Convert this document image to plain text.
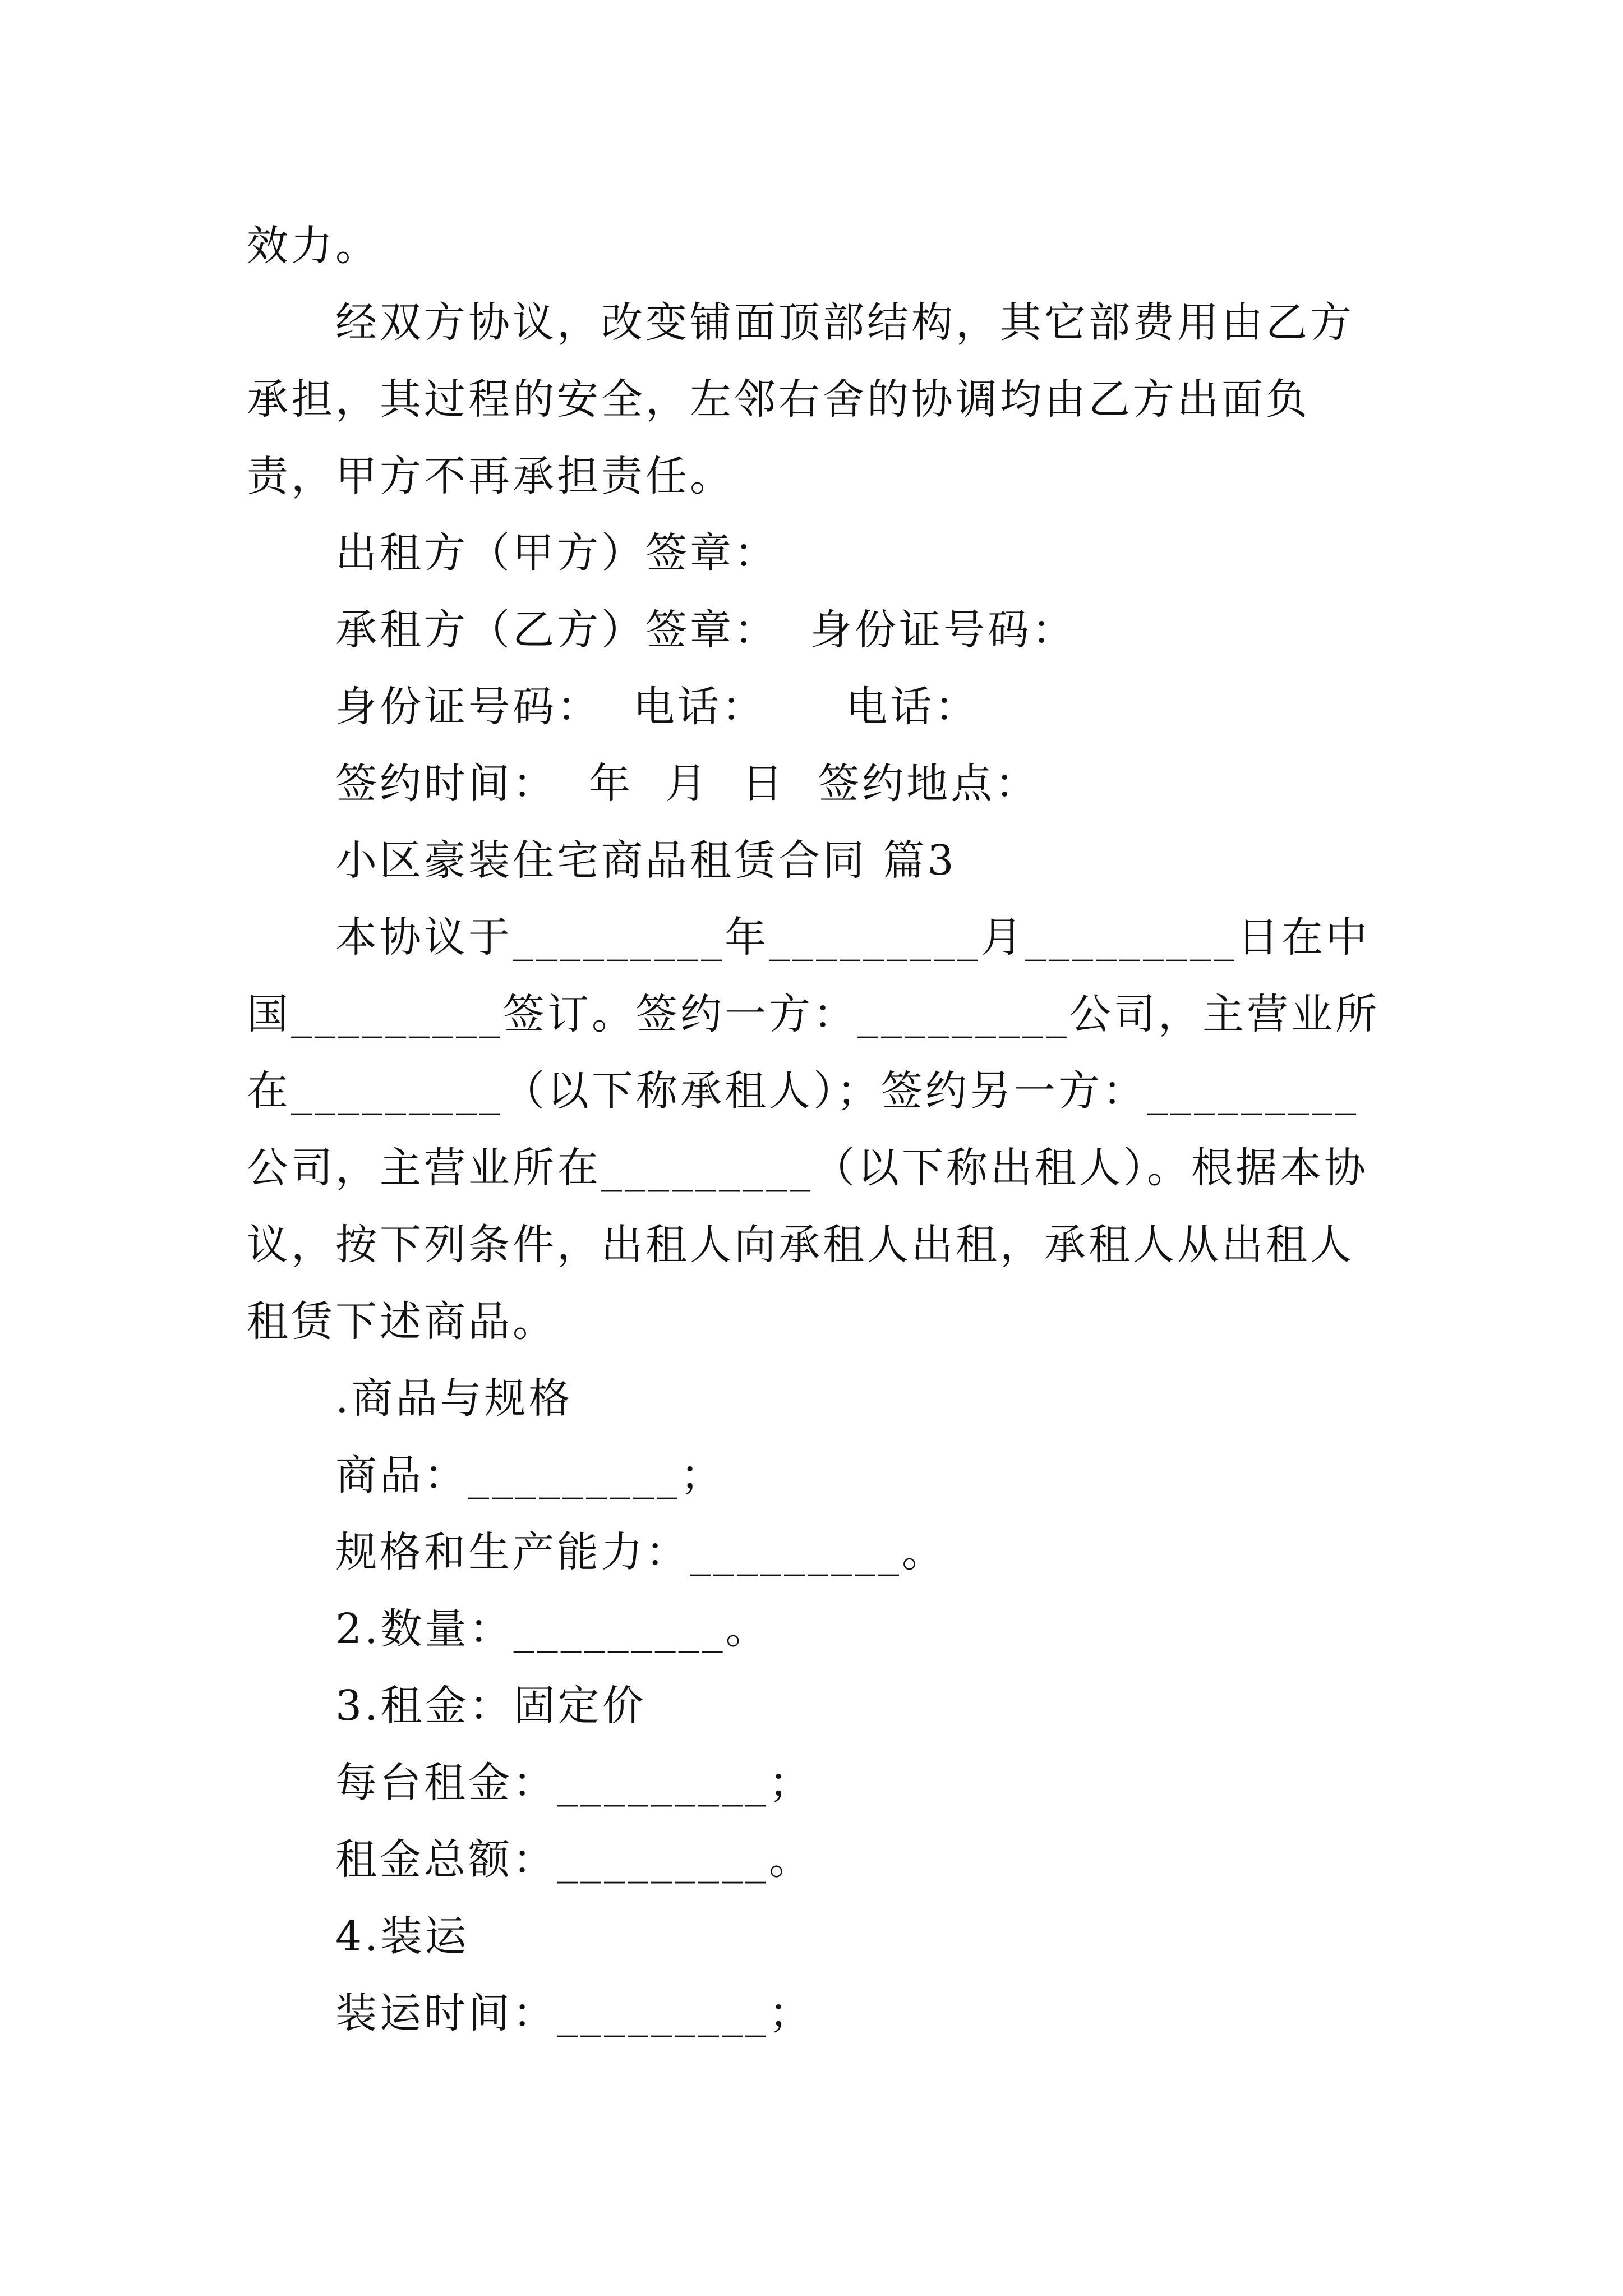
效力。

经双方协议，改变铺面顶部结构，其它部费用由乙方承担，其过程的安全，左邻右舍的协调均由乙方出面负责，甲方不再承担责任。

出租方（甲方）签章：

承租方（乙方）签章：  身份证号码：

身份证号码：  电话：     电话：

签约时间：  年  月  日  签约地点：

小区豪装住宅商品租赁合同 篇3

本协议于_________年_________月_________日在中国_________签订。签约一方：_________公司，主营业所在_________（以下称承租人）；签约另一方：_________公司，主营业所在_________（以下称出租人）。根据本协议，按下列条件，出租人向承租人出租，承租人从出租人租赁下述商品。

.商品与规格

商品：_________；

规格和生产能力：_________。

2.数量：_________。

3.租金：固定价

每台租金：_________；

租金总额：_________。

4.装运

装运时间：_________；
